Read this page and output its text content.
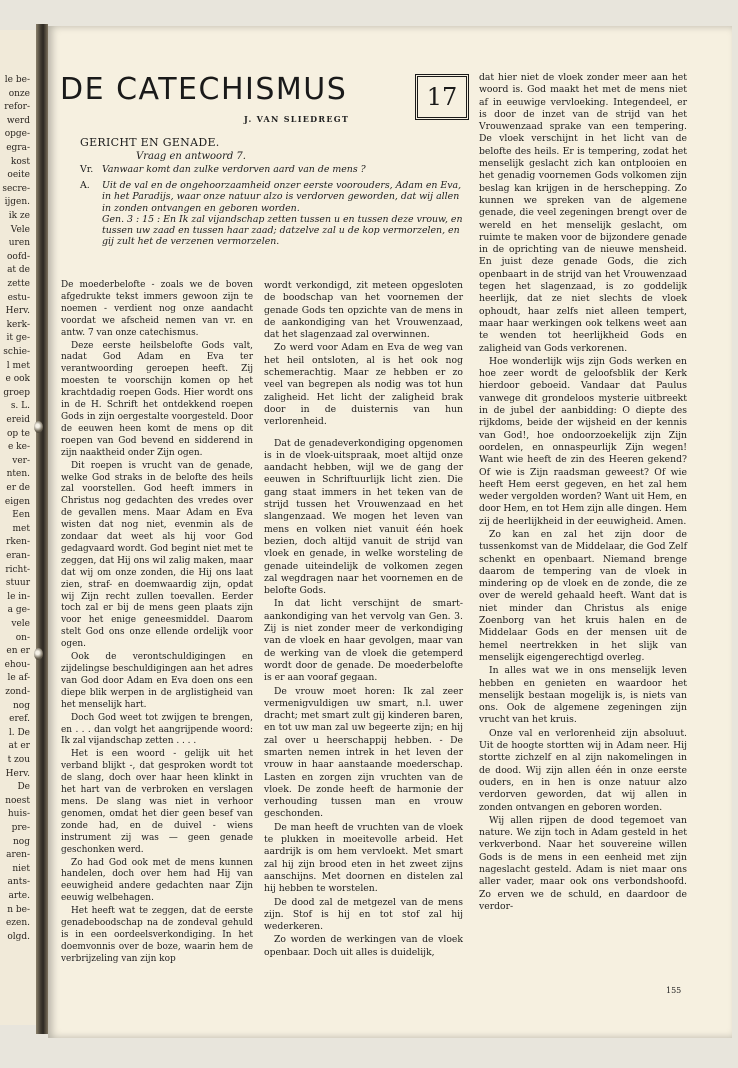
le be-
onze
refor-
werd
opge-
egra-
kost
oeite
secre-
ijgen.
ik ze
Vele
uren
oofd-
at de
zette
estu-
Herv.
kerk-
it ge-
schie-
l met
e ook
groep
s. L.
ereid
op te
e ke-
ver-
nten.
er de
eigen
Een
met
rken-
eran-
richt-
stuur
le in-
a ge-
vele
on-
en er
ehou-
le af-
zond-
nog
eref.
l. De
at er
t zou
Herv.
De
noest
huis-
pre-
nog
aren-
niet
ants-
arte.
n be-
ezen.
olgd.
DE CATECHISMUS	17
J. VAN SLIEDREGT
GERICHT EN GENADE.
Vraag en antwoord 7.
Vr. Vanwaar komt dan zulke verdorven aard van de mens ?
A.	Uit de val en de ongehoorzaamheid onzer eerste voorouders, Adam en Eva, in het Paradijs, waar onze natuur alzo is verdorven geworden, dat wij allen in zonden ontvangen en geboren worden.
Gen. 3 : 15 : En Ik zal vijandschap zetten tussen u en tussen deze vrouw, en tussen uw zaad en tussen haar zaad; datzelve zal u de kop vermorzelen, en gij zult het de verzenen vermorzelen.

De moederbelofte - zoals we de boven afgedrukte tekst immers gewoon zijn te noemen - verdient nog onze aandacht voordat we afscheid nemen van vr. en antw. 7 van onze catechismus.

Deze eerste heilsbelofte Gods valt, nadat God Adam en Eva ter verantwoording geroepen heeft. Zij moesten te voorschijn komen op het krachtdadig roepen Gods. Hier wordt ons in de H. Schrift het ontdekkend roepen Gods in zijn oergestalte voorgesteld. Door de eeuwen heen komt de mens op dit roepen van God bevend en sidderend in zijn naaktheid onder Zijn ogen.

Dit roepen is vrucht van de genade, welke God straks in de belofte des heils zal voorstellen. God heeft immers in Christus nog gedachten des vredes over de gevallen mens. Maar Adam en Eva wisten dat nog niet, evenmin als de zondaar dat weet als hij voor God gedagvaard wordt. God begint niet met te zeggen, dat Hij ons wil zalig maken, maar dat wij om onze zonden, die Hij ons laat zien, straf- en doemwaardig zijn, opdat wij Zijn recht zullen toevallen. Eerder toch zal er bij de mens geen plaats zijn voor het enige geneesmiddel. Daarom stelt God ons onze ellende ordelijk voor ogen.

Ook de verontschuldigingen en zijdelingse beschuldigingen aan het adres van God door Adam en Eva doen ons een diepe blik werpen in de arglistigheid van het menselijk hart.

Doch God weet tot zwijgen te brengen, en . . . dan volgt het aangrijpende woord: Ik zal vijandschap zetten . . . .

Het is een woord - gelijk uit het verband blijkt -, dat gesproken wordt tot de slang, doch over haar heen klinkt in het hart van de verbroken en verslagen mens. De slang was niet in verhoor genomen, omdat het dier geen besef van zonde had, en de duivel - wiens instrument zij was — geen genade geschonken werd.

Zo had God ook met de mens kunnen handelen, doch over hem had Hij van eeuwigheid andere gedachten naar Zijn eeuwig welbehagen.

Het heeft wat te zeggen, dat de eerste genadeboodschap na de zondeval gehuld is in een oordeelsverkondiging. In het doemvonnis over de boze, waarin hem de verbrijzeling van zijn kop

wordt verkondigd, zit meteen opgesloten de boodschap van het voornemen der genade Gods ten opzichte van de mens in de aankondiging van het Vrouwenzaad, dat het slagenzaad zal overwinnen.

Zo werd voor Adam en Eva de weg van het heil ontsloten, al is het ook nog schemerachtig. Maar ze hebben er zo veel van begrepen als nodig was tot hun zaligheid. Het licht der zaligheid brak door in de duisternis van hun verlorenheid.

Dat de genadeverkondiging opgenomen is in de vloek-uitspraak, moet altijd onze aandacht hebben, wijl we de gang der eeuwen in Schriftuurlijk licht zien. Die gang staat immers in het teken van de strijd tussen het Vrouwenzaad en het slangenzaad. We mogen het leven van mens en volken niet vanuit één hoek bezien, doch altijd vanuit de strijd van vloek en genade, in welke worsteling de genade uiteindelijk de volkomen zegen zal wegdragen naar het voornemen en de belofte Gods.

In dat licht verschijnt de smart-aankondiging van het vervolg van Gen. 3. Zij is niet zonder meer de verkondiging van de vloek en haar gevolgen, maar van de werking van de vloek die getemperd wordt door de genade. De moederbelofte is er aan vooraf gegaan.

De vrouw moet horen: Ik zal zeer vermenigvuldigen uw smart, n.l. uwer dracht; met smart zult gij kinderen baren, en tot uw man zal uw begeerte zijn; en hij zal over u heerschappij hebben. - De smarten nemen intrek in het leven der vrouw in haar aanstaande moederschap. Lasten en zorgen zijn vruchten van de vloek. De zonde heeft de harmonie der verhouding tussen man en vrouw geschonden.

De man heeft de vruchten van de vloek te plukken in moeitevolle arbeid. Het aardrijk is om hem vervloekt. Met smart zal hij zijn brood eten in het zweet zijns aanschijns. Met doornen en distelen zal hij hebben te worstelen.

De dood zal de metgezel van de mens zijn. Stof is hij en tot stof zal hij wederkeren.

Zo worden de werkingen van de vloek openbaar. Doch uit alles is duidelijk,

dat hier niet de vloek zonder meer aan het woord is. God maakt het met de mens niet af in eeuwige vervloeking. Integendeel, er is door de inzet van de strijd van het Vrouwenzaad sprake van een tempering. De vloek verschijnt in het licht van de belofte des heils. Er is tempering, zodat het menselijk geslacht zich kan ontplooien en het genadig voornemen Gods volkomen zijn beslag kan krijgen in de herschepping. Zo kunnen we spreken van de algemene genade, die veel zegeningen brengt over de wereld en het menselijk geslacht, om ruimte te maken voor de bijzondere genade in de oprichting van de nieuwe mensheid. En juist deze genade Gods, die zich openbaart in de strijd van het Vrouwenzaad tegen het slagenzaad, is zo goddelijk heerlijk, dat ze niet slechts de vloek ophoudt, haar zelfs niet alleen tempert, maar haar werkingen ook telkens weet aan te wenden tot heerlijkheid Gods en zaligheid van Gods verkorenen.

Hoe wonderlijk wijs zijn Gods werken en hoe zeer wordt de geloofsblik der Kerk hierdoor geboeid. Vandaar dat Paulus vanwege dit grondeloos mysterie uitbreekt in de jubel der aanbidding: O diepte des rijkdoms, beide der wijsheid en der kennis van God!, hoe ondoorzoekelijk zijn Zijn oordelen, en onnaspeurlijk Zijn wegen! Want wie heeft de zin des Heeren gekend? Of wie is Zijn raadsman geweest? Of wie heeft Hem eerst gegeven, en het zal hem weder vergolden worden? Want uit Hem, en door Hem, en tot Hem zijn alle dingen. Hem zij de heerlijkheid in der eeuwigheid. Amen.

Zo kan en zal het zijn door de tussenkomst van de Middelaar, die God Zelf schenkt en openbaart. Niemand brenge daarom de tempering van de vloek in mindering op de vloek en de zonde, die ze over de wereld gehaald heeft. Want dat is niet minder dan Christus als enige Zoenborg van het kruis halen en de Middelaar Gods en der mensen uit de hemel neertrekken in het slijk van menselijk eigengerechtigd overleg.

In alles wat we in ons menselijk leven hebben en genieten en waardoor het menselijk bestaan mogelijk is, is niets van ons. Ook de algemene zegeningen zijn vrucht van het kruis.

Onze val en verlorenheid zijn absoluut. Uit de hoogte stortten wij in Adam neer. Hij stortte zichzelf en al zijn nakomelingen in de dood. Wij zijn allen één in onze eerste ouders, en in hen is onze natuur alzo verdorven geworden, dat wij allen in zonden ontvangen en geboren worden.

Wij allen rijpen de dood tegemoet van nature. We zijn toch in Adam gesteld in het verkverbond. Naar het souvereine willen Gods is de mens in een eenheid met zijn nageslacht gesteld. Adam is niet maar ons aller vader, maar ook ons verbondshoofd. Zo erven we de schuld, en daardoor de verdor-

155
